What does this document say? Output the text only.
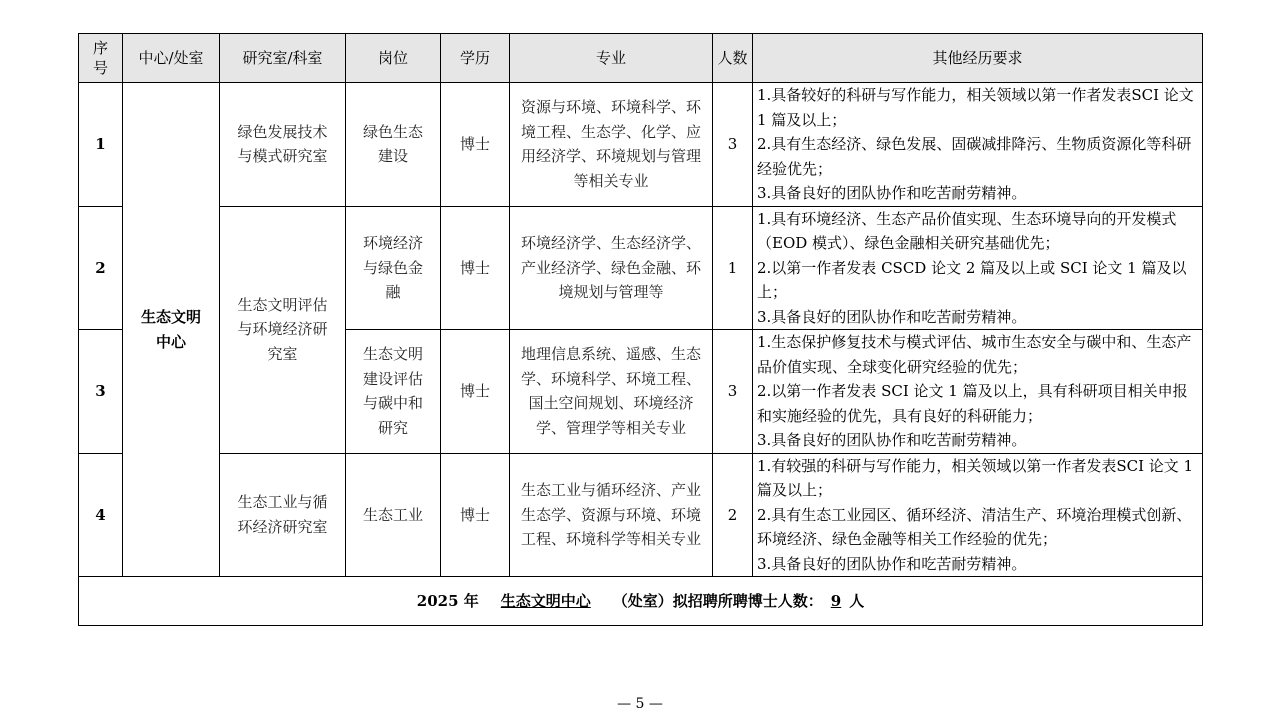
序号	中心/处室	研究室/科室	岗位	学历	专业	人数	其他经历要求
1	生态文明中心	绿色发展技术与模式研究室	绿色生态建设	博士	资源与环境、环境科学、环境工程、生态学、化学、应用经济学、环境规划与管理等相关专业	3	1.具备较好的科研与写作能力，相关领域以第一作者发表SCI 论文 1 篇及以上；
2.具有生态经济、绿色发展、固碳减排降污、生物质资源化等科研经验优先；
3.具备良好的团队协作和吃苦耐劳精神。

2		生态文明评估与环境经济研究室	环境经济与绿色金融	博士	环境经济学、生态经济学、产业经济学、绿色金融、环境规划与管理等	1	1.具有环境经济、生态产品价值实现、生态环境导向的开发模式（EOD 模式）、绿色金融相关研究基础优先；
2.以第一作者发表 CSCD 论文 2 篇及以上或 SCI 论文 1 篇及以上；
3.具备良好的团队协作和吃苦耐劳精神。

3			生态文明建设评估与碳中和研究	博士	地理信息系统、遥感、生态学、环境科学、环境工程、国土空间规划、环境经济学、管理学等相关专业	3	1.生态保护修复技术与模式评估、城市生态安全与碳中和、生态产品价值实现、全球变化研究经验的优先；
2.以第一作者发表 SCI 论文 1 篇及以上，具有科研项目相关申报和实施经验的优先，具有良好的科研能力；
3.具备良好的团队协作和吃苦耐劳精神。

4		生态工业与循环经济研究室	生态工业	博士	生态工业与循环经济、产业生态学、资源与环境、环境工程、环境科学等相关专业	2	1.有较强的科研与写作能力，相关领域以第一作者发表SCI 论文 1 篇及以上；
2.具有生态工业园区、循环经济、清洁生产、环境治理模式创新、环境经济、绿色金融等相关工作经验的优先；
3.具备良好的团队协作和吃苦耐劳精神。

2025 年 生态文明中心 （处室）拟招聘所聘博士人数： 9 人							
— 5 —
